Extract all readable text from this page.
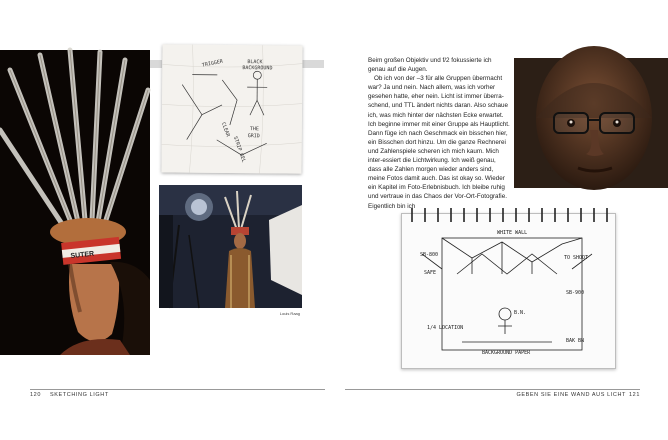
SUTER
BLACK
BACKGROUND
TRIGGER
CLEAR
STRIP GEL
THE
GRID
Louis Raag

Beim großen Objektiv und f/2 fokussierte ich genau auf die Augen.

Ob ich von der –3 für alle Gruppen übermacht war? Ja und nein. Nach allem, was ich vorher gesehen hatte, eher nein. Licht ist immer überra-schend, und TTL ändert nichts daran. Also schaue ich, was mich hinter der nächsten Ecke erwartet. Ich beginne immer mit einer Gruppe als Hauptlicht. Dann füge ich nach Geschmack ein bisschen hier, ein Bisschen dort hinzu. Um die ganze Rechnerei und Zahlenspiele scheren ich mich kaum. Mich inter-essiert die Lichtwirkung. Ich weiß genau, dass alle Zahlen morgen wieder anders sind, meine Fotos damit auch. Das ist okay so. Wieder ein Kapitel im Foto-Erlebnisbuch. Ich bleibe ruhig und vertraue in das Chaos der Vor-Ort-Fotografie. Eigentlich bin ich

WHITE WALL
SB-800	TO SHOOT
SAFE
B.N.
SB-900
1/4 LOCATION
BACKGROUND PAPER
BAK BN
120 SKETCHING LIGHT	GEBEN SIE EINE WAND AUS LICHT 121
